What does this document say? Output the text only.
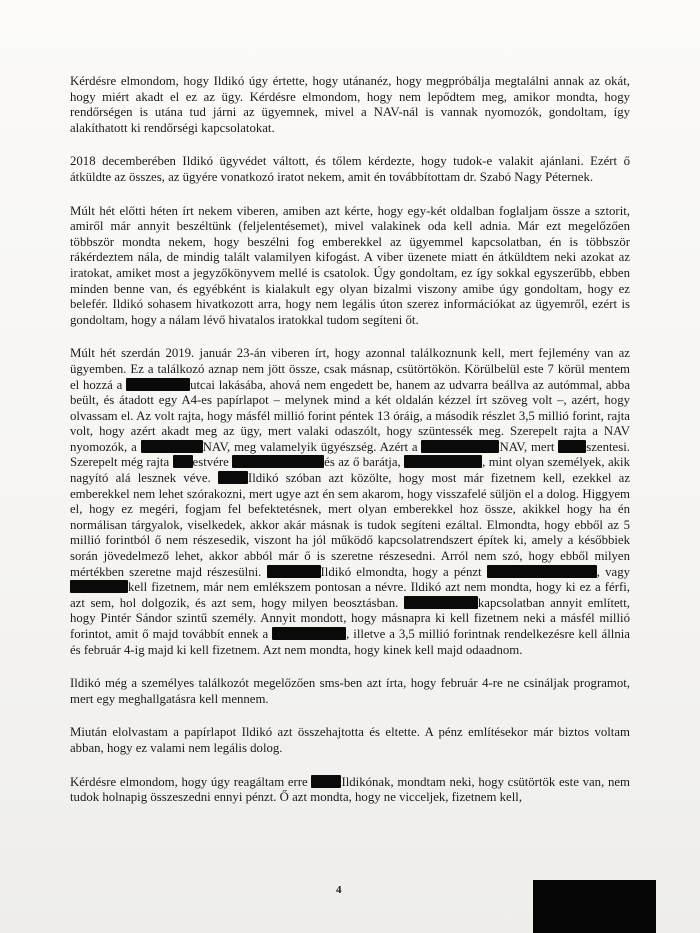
Kérdésre elmondom, hogy Ildikó úgy értette, hogy utánanéz, hogy megpróbálja megtalálni annak az okát, hogy miért akadt el ez az ügy. Kérdésre elmondom, hogy nem lepődtem meg, amikor mondta, hogy rendőrségen is utána tud járni az ügyemnek, mivel a NAV-nál is vannak nyomozók, gondoltam, így alakíthatott ki rendőrségi kapcsolatokat.

2018 decemberében Ildikó ügyvédet váltott, és tőlem kérdezte, hogy tudok-e valakit ajánlani. Ezért ő átküldte az összes, az ügyére vonatkozó iratot nekem, amit én továbbítottam dr. Szabó Nagy Péternek.

Múlt hét előtti héten írt nekem viberen, amiben azt kérte, hogy egy-két oldalban foglaljam össze a sztorit, amiről már annyit beszéltünk (feljelentésemet), mivel valakinek oda kell adnia. Már ezt megelőzően többször mondta nekem, hogy beszélni fog emberekkel az ügyemmel kapcsolatban, én is többször rákérdeztem nála, de mindig talált valamilyen kifogást. A viber üzenete miatt én átküldtem neki azokat az iratokat, amiket most a jegyzőkönyvem mellé is csatolok. Úgy gondoltam, ez így sokkal egyszerűbb, ebben minden benne van, és egyébként is kialakult egy olyan bizalmi viszony amibe úgy gondoltam, hogy ez belefér. Ildikó sohasem hivatkozott arra, hogy nem legális úton szerez információkat az ügyemről, ezért is gondoltam, hogy a nálam lévő hivatalos iratokkal tudom segíteni őt.

Múlt hét szerdán 2019. január 23-án viberen írt, hogy azonnal találkoznunk kell, mert fejlemény van az ügyemben. Ez a találkozó aznap nem jött össze, csak másnap, csütörtökön. Körülbelül este 7 körül mentem el hozzá a	utcai lakásába, ahová nem engedett be, hanem az udvarra beállva az autómmal, abba beült, és átadott egy A4-es papírlapot – melynek mind a két oldalán kézzel írt szöveg volt –, azért, hogy olvassam el. Az volt rajta, hogy másfél millió forint péntek 13 óráig, a második részlet 3,5 millió forint, rajta volt, hogy azért akadt meg az ügy, mert valaki odaszólt, hogy szüntessék meg. Szerepelt rajta a NAV nyomozók, a	NAV, meg valamelyik ügyészség. Azért a	NAV, mert szentesi. Szerepelt még rajta estvére	és az ő barátja,	, mint olyan személyek, akik nagyító alá lesznek véve.	Ildikó szóban azt közölte, hogy most már fizetnem kell, ezekkel az emberekkel nem lehet szórakozni, mert ugye azt én sem akarom, hogy visszafelé süljön el a dolog. Higgyem el, hogy ez megéri, fogjam fel befektetésnek, mert olyan emberekkel hoz össze, akikkel hogy ha én normálisan tárgyalok, viselkedek, akkor akár másnak is tudok segíteni ezáltal. Elmondta, hogy ebből az 5 millió forintból ő nem részesedik, viszont ha jól működő kapcsolatrendszert építek ki, amely a későbbiek során jövedelmező lehet, akkor abból már ő is szeretne részesedni. Arról nem szó, hogy ebből milyen mértékben szeretne majd részesülni.	Ildikó elmondta, hogy a pénzt	, vagy kell fizetnem, már nem emlékszem pontosan a névre. Ildikó azt nem mondta, hogy ki ez a férfi, azt sem, hol dolgozik, és azt sem, hogy milyen beosztásban.	kapcsolatban annyit említett, hogy Pintér Sándor szintű személy. Annyit mondott, hogy másnapra ki kell fizetnem neki a másfél millió forintot, amit ő majd továbbít ennek a	, illetve a 3,5 millió forintnak rendelkezésre kell állnia és február 4-ig majd ki kell fizetnem. Azt nem mondta, hogy kinek kell majd odaadnom.

Ildikó még a személyes találkozót megelőzően sms-ben azt írta, hogy február 4-re ne csináljak programot, mert egy meghallgatásra kell mennem.

Miután elolvastam a papírlapot Ildikó azt összehajtotta és eltette. A pénz említésekor már biztos voltam abban, hogy ez valami nem legális dolog.

Kérdésre elmondom, hogy úgy reagáltam erre	Ildikónak, mondtam neki, hogy csütörtök este van, nem tudok holnapig összeszedni ennyi pénzt. Ő azt mondta, hogy ne vicceljek, fizetnem kell,

4
